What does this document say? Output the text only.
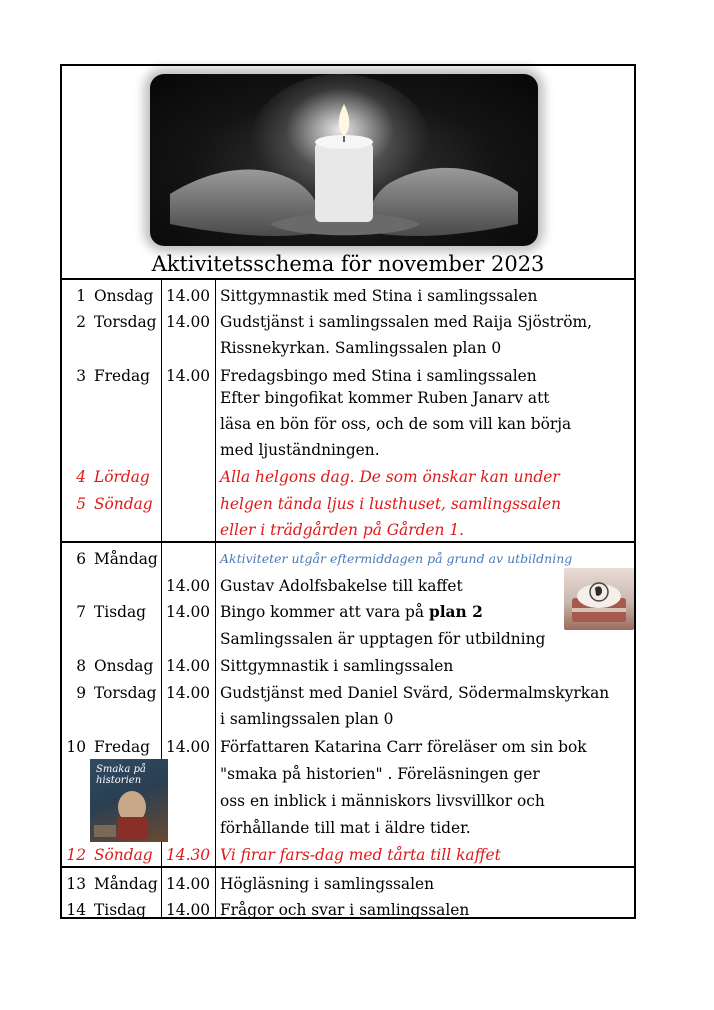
Aktivitetsschema för november 2023
1 Onsdag 14.00 Sittgymnastik med Stina i samlingssalen
2 Torsdag 14.00 Gudstjänst i samlingssalen med Raija Sjöström,
Rissnekyrkan. Samlingssalen plan 0
3 Fredag 14.00 Fredagsbingo med Stina i samlingssalen
Efter bingofikat kommer Ruben Janarv att
läsa en bön för oss, och de som vill kan börja
med ljuständningen.
4 Lördag	Alla helgons dag. De som önskar kan under
5 Söndag	helgen tända ljus i lusthuset, samlingssalen
eller i trädgården på Gården 1.
6 Måndag	Aktiviteter utgår eftermiddagen på grund av utbildning
14.00 Gustav Adolfsbakelse till kaffet
7 Tisdag 14.00 Bingo kommer att vara på plan 2
Samlingssalen är upptagen för utbildning
8 Onsdag 14.00 Sittgymnastik i samlingssalen
9 Torsdag 14.00 Gudstjänst med Daniel Svärd, Södermalmskyrkan
i samlingssalen plan 0
10 Fredag 14.00 Författaren Katarina Carr föreläser om sin bok
"smaka på historien" . Föreläsningen ger
oss en inblick i människors livsvillkor och
förhållande till mat i äldre tider.
12 Söndag 14.30 Vi firar fars-dag med tårta till kaffet
13 Måndag 14.00 Högläsning i samlingssalen
14 Tisdag 14.00 Frågor och svar i samlingssalen
Smaka på
historien
